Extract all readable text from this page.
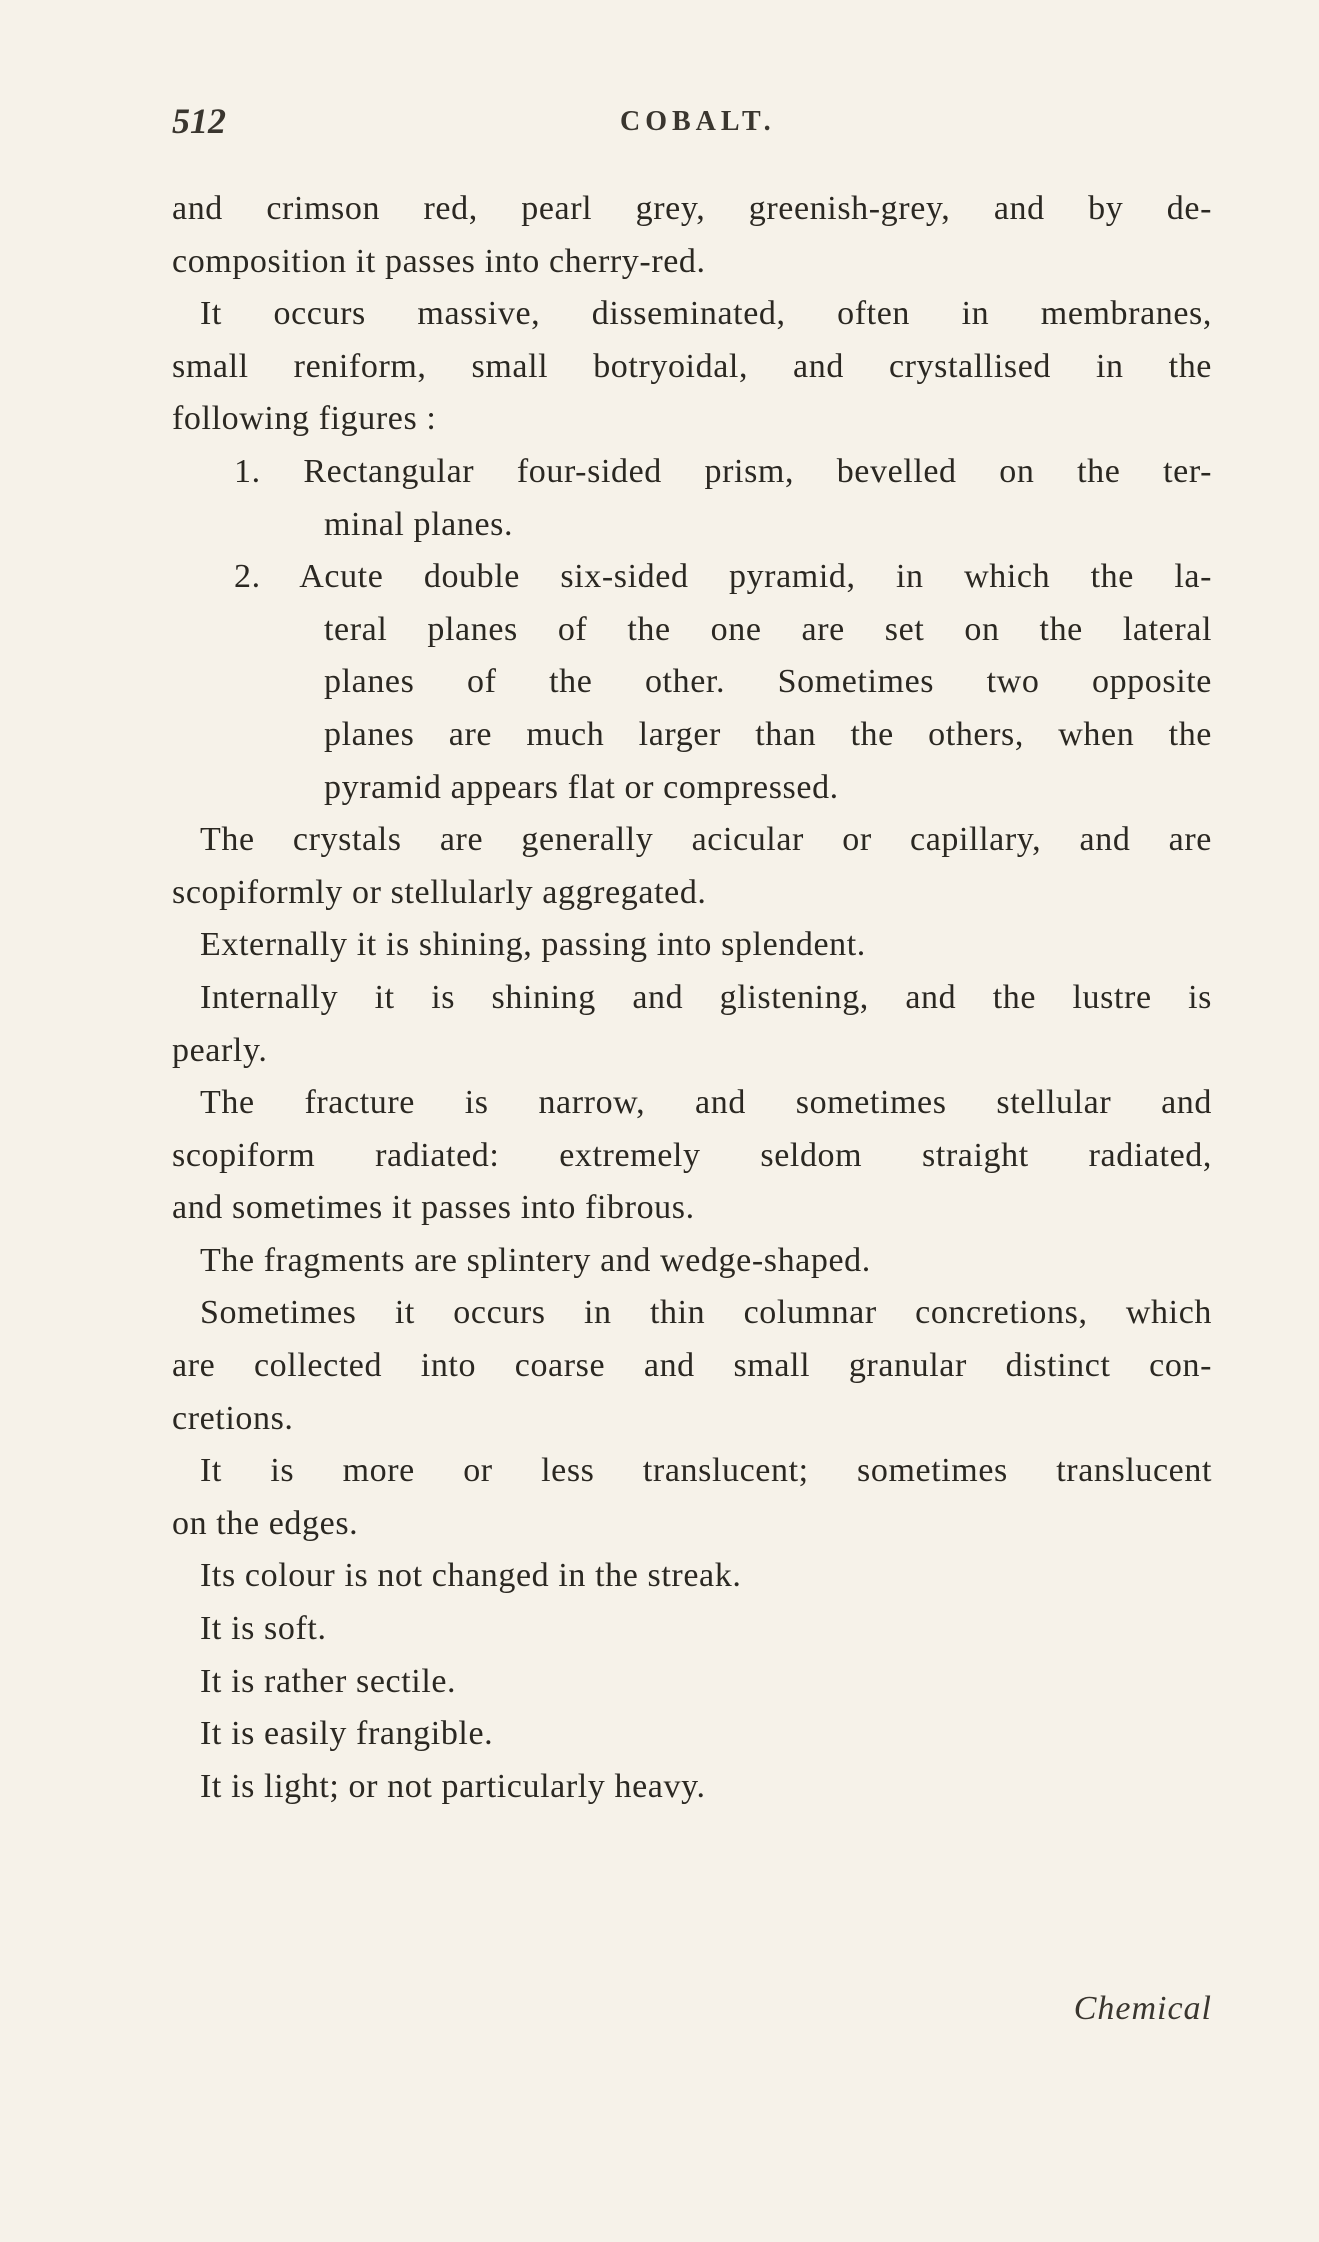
512	COBALT.
and crimson red, pearl grey, greenish-grey, and by de-
composition it passes into cherry-red.
It occurs massive, disseminated, often in membranes,
small reniform, small botryoidal, and crystallised in the
following figures :
1. Rectangular four-sided prism, bevelled on the ter-
minal planes.
2. Acute double six-sided pyramid, in which the la-
teral planes of the one are set on the lateral
planes of the other. Sometimes two opposite
planes are much larger than the others, when the
pyramid appears flat or compressed.
The crystals are generally acicular or capillary, and are
scopiformly or stellularly aggregated.
Externally it is shining, passing into splendent.
Internally it is shining and glistening, and the lustre is
pearly.
The fracture is narrow, and sometimes stellular and
scopiform radiated: extremely seldom straight radiated,
and sometimes it passes into fibrous.
The fragments are splintery and wedge-shaped.
Sometimes it occurs in thin columnar concretions, which
are collected into coarse and small granular distinct con-
cretions.
It is more or less translucent; sometimes translucent
on the edges.
Its colour is not changed in the streak.
It is soft.
It is rather sectile.
It is easily frangible.
It is light; or not particularly heavy.
Chemical
